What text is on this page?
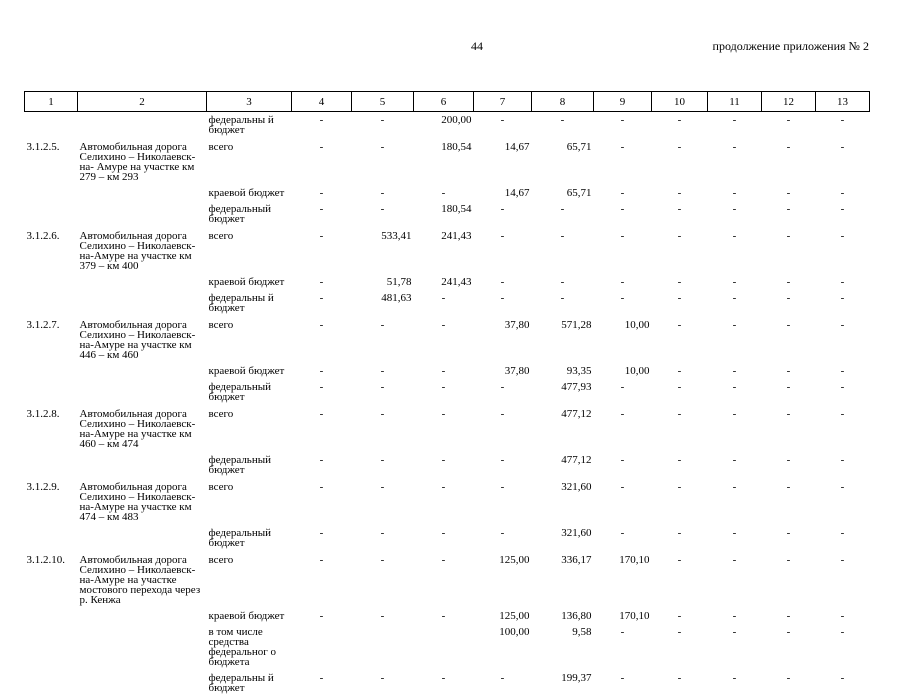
44	продолжение приложения № 2
1	2	3	4	5	6	7	8	9	10	11	12	13
		федеральны й бюджет	-	-	200,00	-	-	-	-	-	-	-
3.1.2.5.	Автомобильная дорога Селихино – Николаевск-на- Амуре на участке км 279 – км 293	всего	-	-	180,54	14,67	65,71	-	-	-	-	-
		краевой бюджет	-	-	-	14,67	65,71	-	-	-	-	-
		федеральный бюджет	-	-	180,54	-	-	-	-	-	-	-
3.1.2.6.	Автомобильная дорога Селихино – Николаевск-на-Амуре на участке км 379 – км 400	всего	-	533,41	241,43	-	-	-	-	-	-	-
		краевой бюджет	-	51,78	241,43	-	-	-	-	-	-	-
		федеральны й бюджет	-	481,63	-	-	-	-	-	-	-	-
3.1.2.7.	Автомобильная дорога Селихино – Николаевск-на-Амуре на участке км 446 – км 460	всего	-	-	-	37,80	571,28	10,00	-	-	-	-
		краевой бюджет	-	-	-	37,80	93,35	10,00	-	-	-	-
		федеральный бюджет	-	-	-	-	477,93	-	-	-	-	-
3.1.2.8.	Автомобильная дорога Селихино – Николаевск-на-Амуре на участке км 460 – км 474	всего	-	-	-	-	477,12	-	-	-	-	-
		федеральный бюджет	-	-	-	-	477,12	-	-	-	-	-
3.1.2.9.	Автомобильная дорога Селихино – Николаевск-на-Амуре на участке км 474 – км 483	всего	-	-	-	-	321,60	-	-	-	-	-
		федеральный бюджет	-	-	-	-	321,60	-	-	-	-	-
3.1.2.10.	Автомобильная дорога Селихино – Николаевск-на-Амуре на участке мостового перехода через р. Кенжа	всего	-	-	-	125,00	336,17	170,10	-	-	-	-
		краевой бюджет	-	-	-	125,00	136,80	170,10	-	-	-	-
		в том числе средства федеральног о бюджета				100,00	9,58	-	-	-	-	-
		федеральны й бюджет	-	-	-	-	199,37	-	-	-	-	-
